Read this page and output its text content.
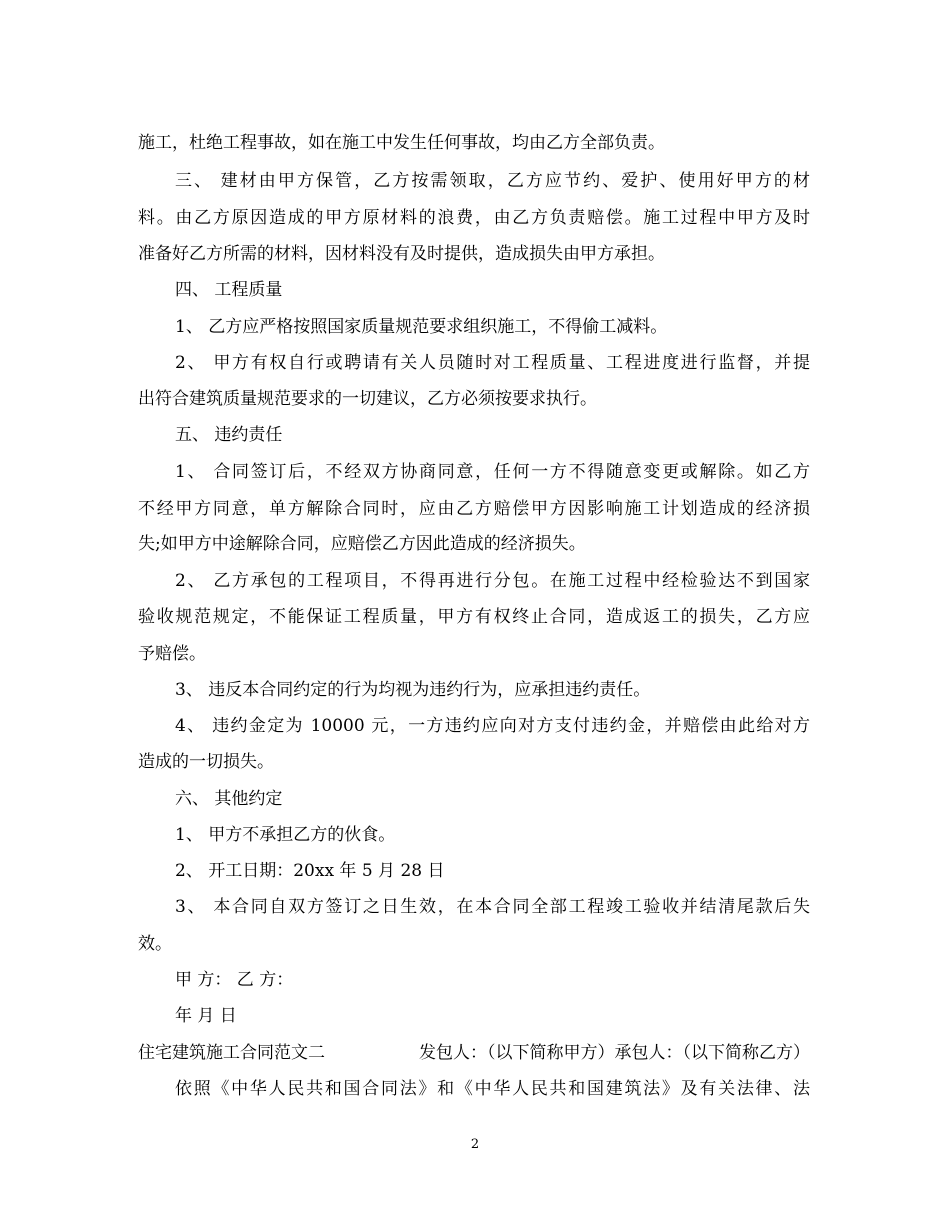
施工，杜绝工程事故，如在施工中发生任何事故，均由乙方全部负责。
三、 建材由甲方保管，乙方按需领取，乙方应节约、爱护、使用好甲方的材
料。由乙方原因造成的甲方原材料的浪费，由乙方负责赔偿。施工过程中甲方及时
准备好乙方所需的材料，因材料没有及时提供，造成损失由甲方承担。
四、 工程质量
1、 乙方应严格按照国家质量规范要求组织施工，不得偷工减料。
2、 甲方有权自行或聘请有关人员随时对工程质量、工程进度进行监督，并提
出符合建筑质量规范要求的一切建议，乙方必须按要求执行。
五、 违约责任
1、 合同签订后，不经双方协商同意，任何一方不得随意变更或解除。如乙方
不经甲方同意，单方解除合同时，应由乙方赔偿甲方因影响施工计划造成的经济损
失;如甲方中途解除合同，应赔偿乙方因此造成的经济损失。
2、 乙方承包的工程项目，不得再进行分包。在施工过程中经检验达不到国家
验收规范规定，不能保证工程质量，甲方有权终止合同，造成返工的损失，乙方应
予赔偿。
3、 违反本合同约定的行为均视为违约行为，应承担违约责任。
4、 违约金定为 10000 元，一方违约应向对方支付违约金，并赔偿由此给对方
造成的一切损失。
六、 其他约定
1、 甲方不承担乙方的伙食。
2、 开工日期：20xx 年 5 月 28 日
3、 本合同自双方签订之日生效，在本合同全部工程竣工验收并结清尾款后失
效。
甲 方： 乙 方：
年 月 日
住宅建筑施工合同范文二	发包人：（以下简称甲方）承包人：（以下简称乙方）
依照《中华人民共和国合同法》和《中华人民共和国建筑法》及有关法律、法
2
